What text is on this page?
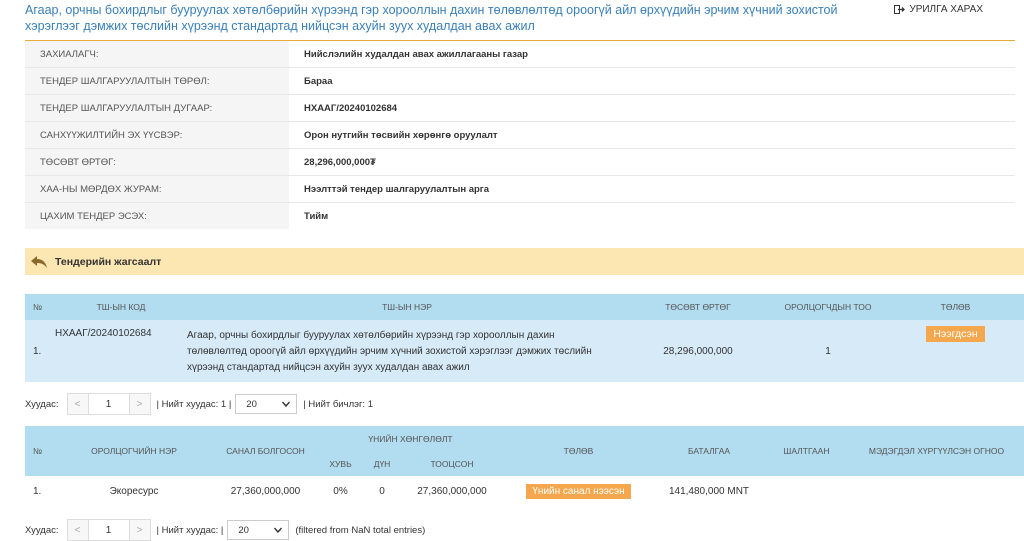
Агаар, орчны бохирдлыг бууруулах хөтөлбөрийн хүрээнд гэр хорооллын дахин төлөвлөлтөд ороогүй айл өрхүүдийн эрчим хүчний зохистой хэрэглээг дэмжих төслийн хүрээнд стандартад нийцсэн ахуйн зуух худалдан авах ажил
УРИЛГА ХАРАХ
ЗАХИАЛАГЧ:	Нийслэлийн худалдан авах ажиллагааны газар
ТЕНДЕР ШАЛГАРУУЛАЛТЫН ТӨРӨЛ:	Бараа
ТЕНДЕР ШАЛГАРУУЛАЛТЫН ДУГААР:	НХААГ/20240102684
САНХҮҮЖИЛТИЙН ЭХ ҮҮСВЭР:	Орон нутгийн төсвийн хөрөнгө оруулалт
ТӨСӨВТ ӨРТӨГ:	28,296,000,000₮
ХАА-НЫ МӨРДӨХ ЖУРАМ:	Нээлттэй тендер шалгаруулалтын арга
ЦАХИМ ТЕНДЕР ЭСЭХ:	Тийм
Тендерийн жагсаалт
№	ТШ-ЫН КОД	ТШ-ЫН НЭР	ТӨСӨВТ ӨРТӨГ	ОРОЛЦОГЧДЫН ТОО	ТӨЛӨВ
1.	НХААГ/20240102684	Агаар, орчны бохирдлыг бууруулах хөтөлбөрийн хүрээнд гэр хорооллын дахин төлөвлөлтөд ороогүй айл өрхүүдийн эрчим хүчний зохистой хэрэглээг дэмжих төслийн хүрээнд стандартад нийцсэн ахуйн зуух худалдан авах ажил	28,296,000,000	1	Нээгдсэн
Хуудас:	<	1	>	| Нийт хуудас: 1 | 20	| Нийт бичлэг: 1
№	ОРОЛЦОГЧИЙН НЭР	САНАЛ БОЛГОСОН	ҮНИЙН ХӨНГӨЛӨЛТ			ТӨЛӨВ	БАТАЛГАА	ШАЛТГААН	МЭДЭГДЭЛ ХҮРГҮҮЛСЭН ОГНОО
			ХУВЬ	ДҮН	ТООЦСОН				
1.	Экоресурс	27,360,000,000	0%	0	27,360,000,000	Үнийн санал нээсэн	141,480,000 MNT		
Хуудас:	<	1	>	| Нийт хуудас: | 20	(filtered from NaN total entries)
